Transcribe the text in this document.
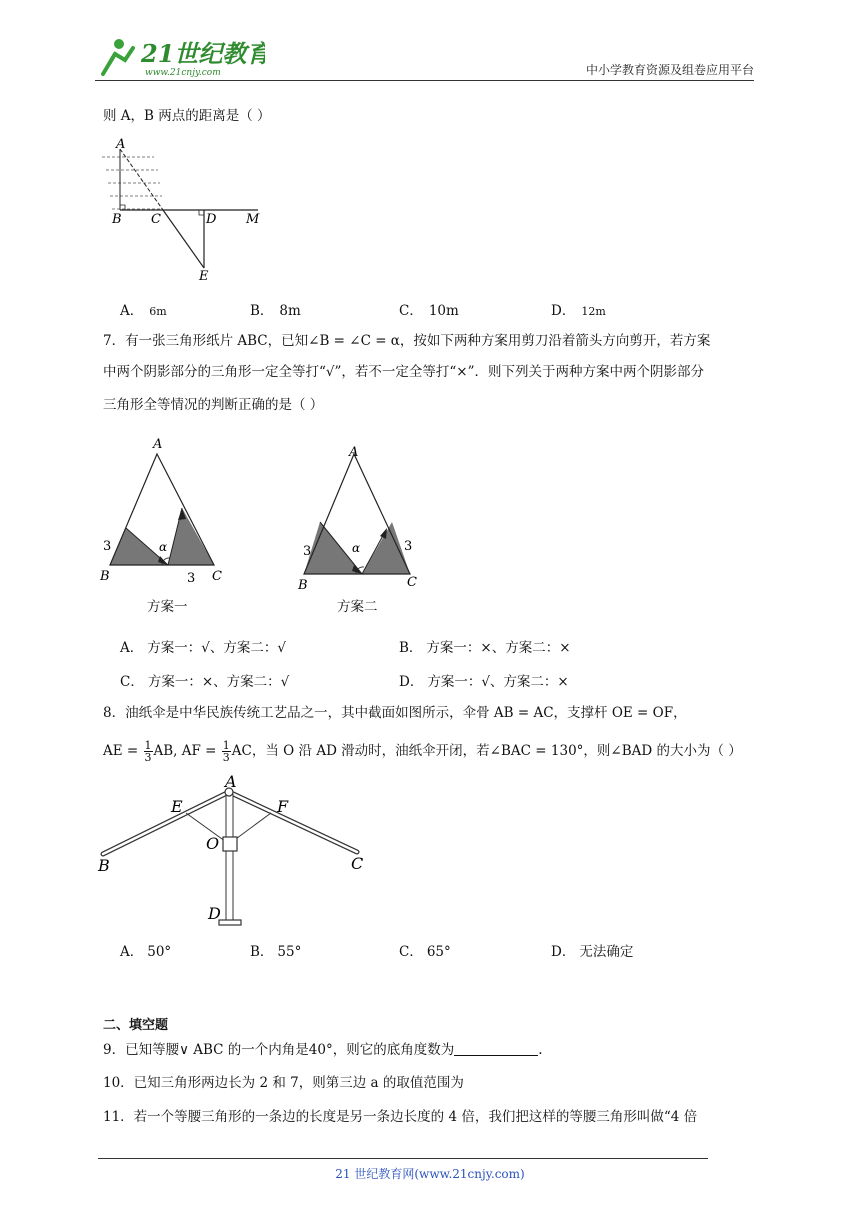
21世纪教育
www.21cnjy.com	中小学教育资源及组卷应用平台
则 A，B 两点的距离是（ ）
A
B C	D M
E
A． 6m	B． 8m	C． 10m	D． 12m
7．有一张三角形纸片 ABC，已知∠B = ∠C = α，按如下两种方案用剪刀沿着箭头方向剪开，若方案
中两个阴影部分的三角形一定全等打“√”，若不一定全等打“×”．则下列关于两种方案中两个阴影部分
三角形全等情况的判断正确的是（ ）
A
B	C
3
3
α
方案一
A
B	C
3	3
α
方案二
A． 方案一：√、方案二：√	B． 方案一：×、方案二：×
C． 方案一：×、方案二：√	D． 方案一：√、方案二：×
8．油纸伞是中华民族传统工艺品之一，其中截面如图所示，伞骨 AB = AC，支撑杆 OE = OF，
AE = $\frac{1}{3}$ AB, AF = $\frac{1}{3}$ AC，当 O 沿 AD 滑动时，油纸伞开闭，若∠BAC = 130°，则∠BAD 的大小为（ ）
A
E	F
O
B	C
D
A． 50°	B． 55°	C． 65°	D． 无法确定
二、填空题
9．已知等腰∨ ABC 的一个内角是40°，则它的底角度数为	.
10．已知三角形两边长为 2 和 7，则第三边 a 的取值范围为
11．若一个等腰三角形的一条边的长度是另一条边长度的 4 倍，我们把这样的等腰三角形叫做“4 倍
21 世纪教育网(www.21cnjy.com)
